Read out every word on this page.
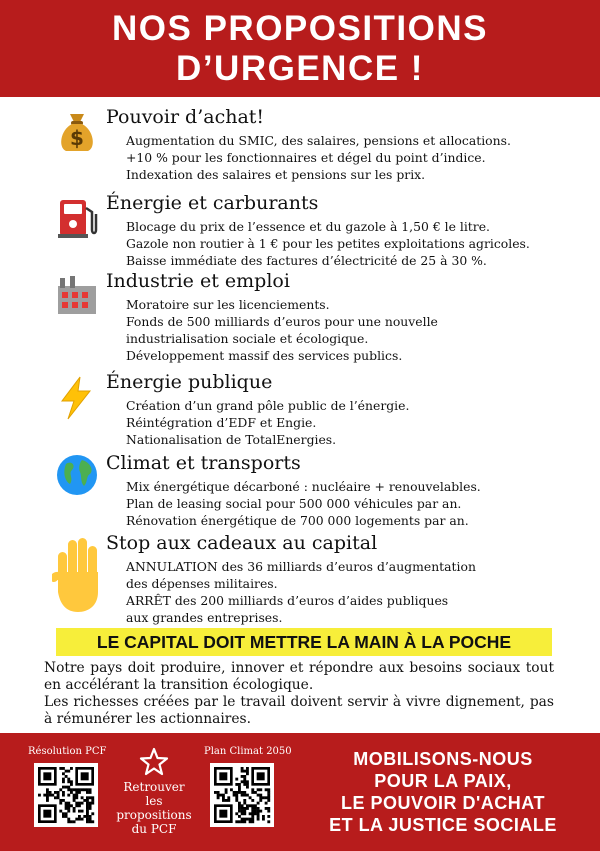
NOS PROPOSITIONS
D’URGENCE !
$
Pouvoir d’achat!
Augmentation du SMIC, des salaires, pensions et allocations.
+10 % pour les fonctionnaires et dégel du point d’indice.
Indexation des salaires et pensions sur les prix.
Énergie et carburants
Blocage du prix de l’essence et du gazole à 1,50 € le litre.
Gazole non routier à 1 € pour les petites exploitations agricoles.
Baisse immédiate des factures d’électricité de 25 à 30 %.
Industrie et emploi
Moratoire sur les licenciements.
Fonds de 500 milliards d’euros pour une nouvelle
industrialisation sociale et écologique.
Développement massif des services publics.
Énergie publique
Création d’un grand pôle public de l’énergie.
Réintégration d’EDF et Engie.
Nationalisation de TotalEnergies.
Climat et transports
Mix énergétique décarboné : nucléaire + renouvelables.
Plan de leasing social pour 500 000 véhicules par an.
Rénovation énergétique de 700 000 logements par an.
Stop aux cadeaux au capital
ANNULATION des 36 milliards d’euros d’augmentation
des dépenses militaires.
ARRÊT des 200 milliards d’euros d’aides publiques
aux grandes entreprises.
LE CAPITAL DOIT METTRE LA MAIN À LA POCHE
Notre pays doit produire, innover et répondre aux besoins sociaux tout en accélérant la transition écologique.
Les richesses créées par le travail doivent servir à vivre dignement, pas à rémunérer les actionnaires.
Résolution PCF
Retrouver
les
propositions
du PCF
Plan Climat 2050	MOBILISONS-NOUS
POUR LA PAIX,
LE POUVOIR D'ACHAT
ET LA JUSTICE SOCIALE
